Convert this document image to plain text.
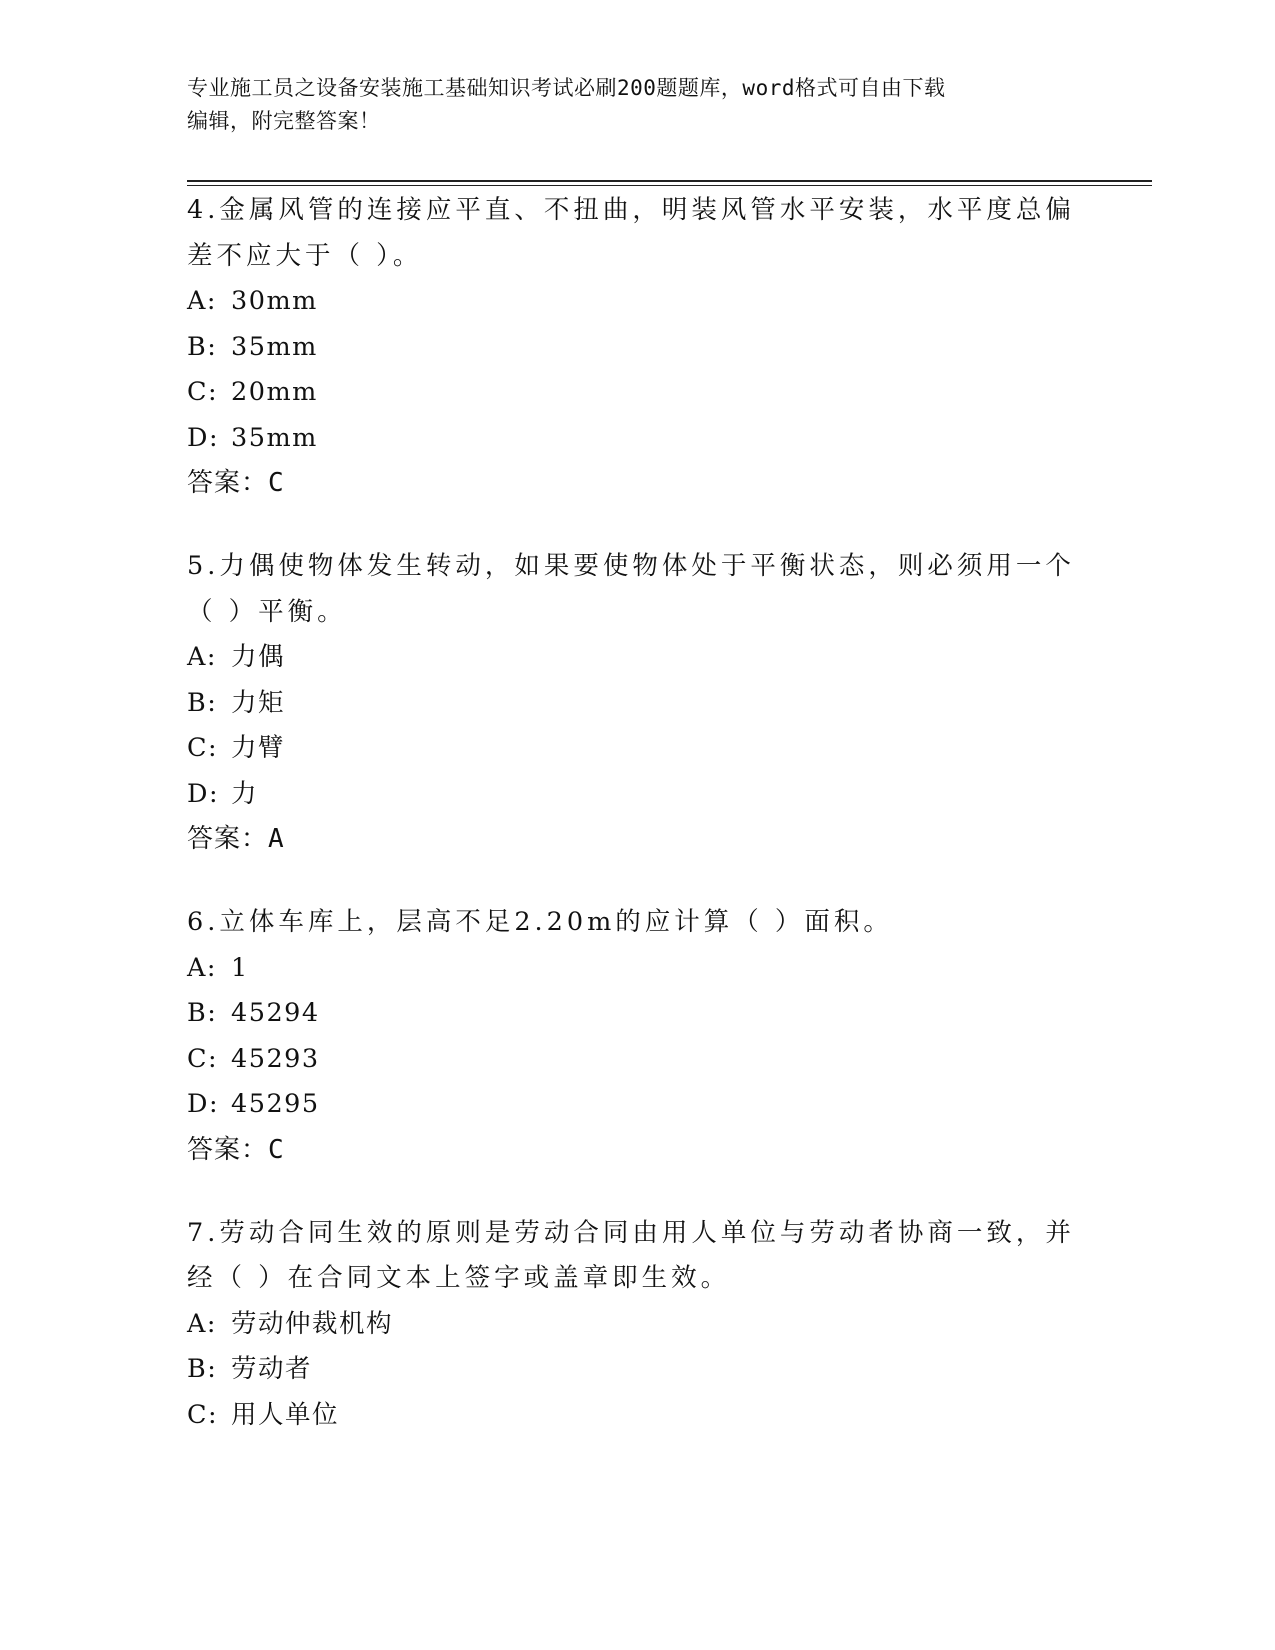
专业施工员之设备安装施工基础知识考试必刷200题题库，word格式可自由下载
编辑，附完整答案！
4.金属风管的连接应平直、不扭曲，明装风管水平安装，水平度总偏
差不应大于（ ）。
A: 30mm
B: 35mm
C: 20mm
D: 35mm
答案：C
5.力偶使物体发生转动，如果要使物体处于平衡状态，则必须用一个
（ ）平衡。
A: 力偶
B: 力矩
C: 力臂
D: 力
答案：A
6.立体车库上，层高不足2.20m的应计算（ ）面积。
A: 1
B: 45294
C: 45293
D: 45295
答案：C
7.劳动合同生效的原则是劳动合同由用人单位与劳动者协商一致，并
经（ ）在合同文本上签字或盖章即生效。
A: 劳动仲裁机构
B: 劳动者
C: 用人单位
